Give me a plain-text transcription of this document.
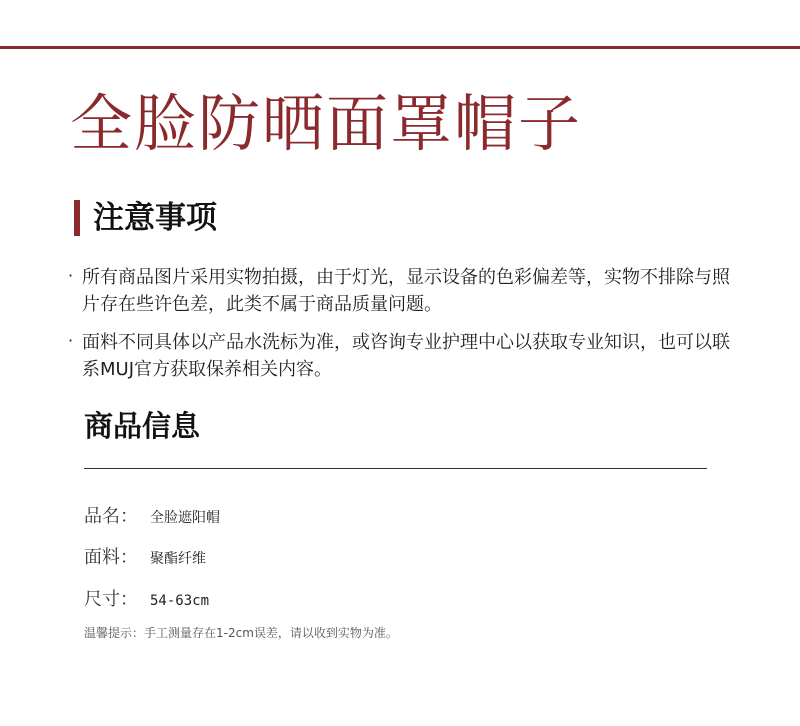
全脸防晒面罩帽子
注意事项
· 所有商品图片采用实物拍摄，由于灯光，显示设备的色彩偏差等，实物不排除与照片存在些许色差，此类不属于商品质量问题。
· 面料不同具体以产品水洗标为准，或咨询专业护理中心以获取专业知识，也可以联系MUJ官方获取保养相关内容。
商品信息
品名： 全脸遮阳帽
面料： 聚酯纤维
尺寸： 54-63cm
温馨提示：手工测量存在1-2cm误差，请以收到实物为准。
